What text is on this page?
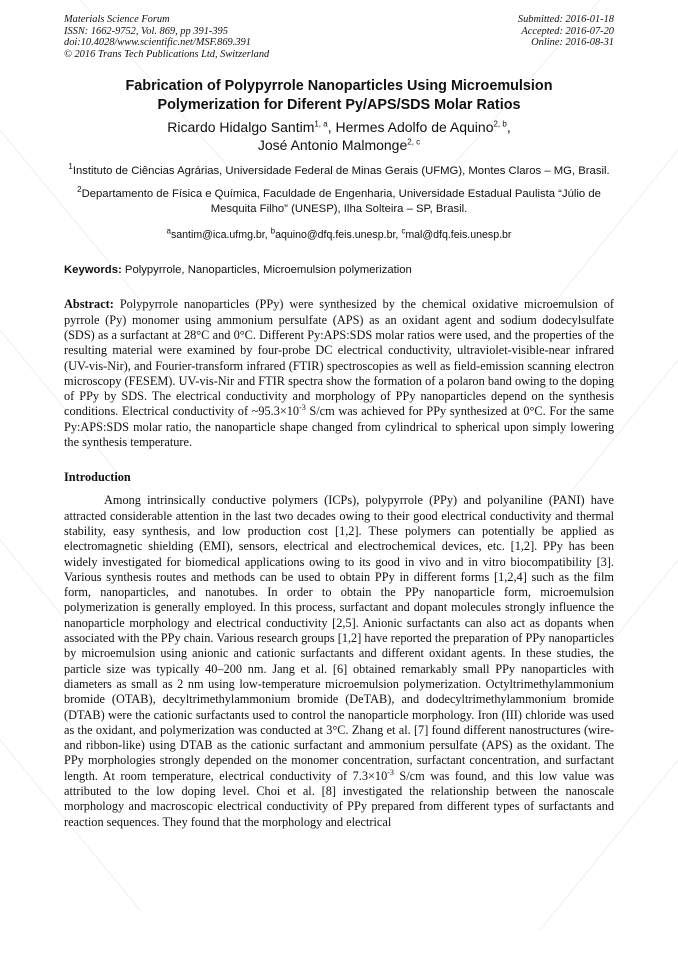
Materials Science Forum
ISSN: 1662-9752, Vol. 869, pp 391-395
doi:10.4028/www.scientific.net/MSF.869.391
© 2016 Trans Tech Publications Ltd, Switzerland
Submitted: 2016-01-18
Accepted: 2016-07-20
Online: 2016-08-31
Fabrication of Polypyrrole Nanoparticles Using Microemulsion
Polymerization for Diferent Py/APS/SDS Molar Ratios
Ricardo Hidalgo Santim$^{1, a}$, Hermes Adolfo de Aquino$^{2, b}$,
José Antonio Malmonge$^{2, c}$
$^1$Instituto de Ciências Agrárias, Universidade Federal de Minas Gerais (UFMG), Montes Claros – MG, Brasil.
$^2$Departamento de Física e Química, Faculdade de Engenharia, Universidade Estadual Paulista “Júlio de Mesquita Filho” (UNESP), Ilha Solteira – SP, Brasil.
$^a$santim@ica.ufmg.br, $^b$aquino@dfq.feis.unesp.br, $^c$mal@dfq.feis.unesp.br
Keywords: Polypyrrole, Nanoparticles, Microemulsion polymerization
Abstract: Polypyrrole nanoparticles (PPy) were synthesized by the chemical oxidative microemulsion of pyrrole (Py) monomer using ammonium persulfate (APS) as an oxidant agent and sodium dodecylsulfate (SDS) as a surfactant at 28°C and 0°C. Different Py:APS:SDS molar ratios were used, and the properties of the resulting material were examined by four-probe DC electrical conductivity, ultraviolet-visible-near infrared (UV-vis-Nir), and Fourier-transform infrared (FTIR) spectroscopies as well as field-emission scanning electron microscopy (FESEM). UV-vis-Nir and FTIR spectra show the formation of a polaron band owing to the doping of PPy by SDS. The electrical conductivity and morphology of PPy nanoparticles depend on the synthesis conditions. Electrical conductivity of $\sim 95.3\times 10^{-3}$ S/cm was achieved for PPy synthesized at 0°C. For the same Py:APS:SDS molar ratio, the nanoparticle shape changed from cylindrical to spherical upon simply lowering the synthesis temperature.
Introduction
Among intrinsically conductive polymers (ICPs), polypyrrole (PPy) and polyaniline (PANI) have attracted considerable attention in the last two decades owing to their good electrical conductivity and thermal stability, easy synthesis, and low production cost [1,2]. These polymers can potentially be applied as electromagnetic shielding (EMI), sensors, electrical and electrochemical devices, etc. [1,2]. PPy has been widely investigated for biomedical applications owing to its good in vivo and in vitro biocompatibility [3]. Various synthesis routes and methods can be used to obtain PPy in different forms [1,2,4] such as the film form, nanoparticles, and nanotubes. In order to obtain the PPy nanoparticle form, microemulsion polymerization is generally employed. In this process, surfactant and dopant molecules strongly influence the nanoparticle morphology and electrical conductivity [2,5]. Anionic surfactants can also act as dopants when associated with the PPy chain. Various research groups [1,2] have reported the preparation of PPy nanoparticles by microemulsion using anionic and cationic surfactants and different oxidant agents. In these studies, the particle size was typically 40–200 nm. Jang et al. [6] obtained remarkably small PPy nanoparticles with diameters as small as 2 nm using low-temperature microemulsion polymerization. Octyltrimethylammonium bromide (OTAB), decyltrimethylammonium bromide (DeTAB), and dodecyltrimethylammonium bromide (DTAB) were the cationic surfactants used to control the nanoparticle morphology. Iron (III) chloride was used as the oxidant, and polymerization was conducted at 3°C. Zhang et al. [7] found different nanostructures (wire- and ribbon-like) using DTAB as the cationic surfactant and ammonium persulfate (APS) as the oxidant. The PPy morphologies strongly depended on the monomer concentration, surfactant concentration, and surfactant length. At room temperature, electrical conductivity of $7.3\times 10^{-3}$ S/cm was found, and this low value was attributed to the low doping level. Choi et al. [8] investigated the relationship between the nanoscale morphology and macroscopic electrical conductivity of PPy prepared from different types of surfactants and reaction sequences. They found that the morphology and electrical
